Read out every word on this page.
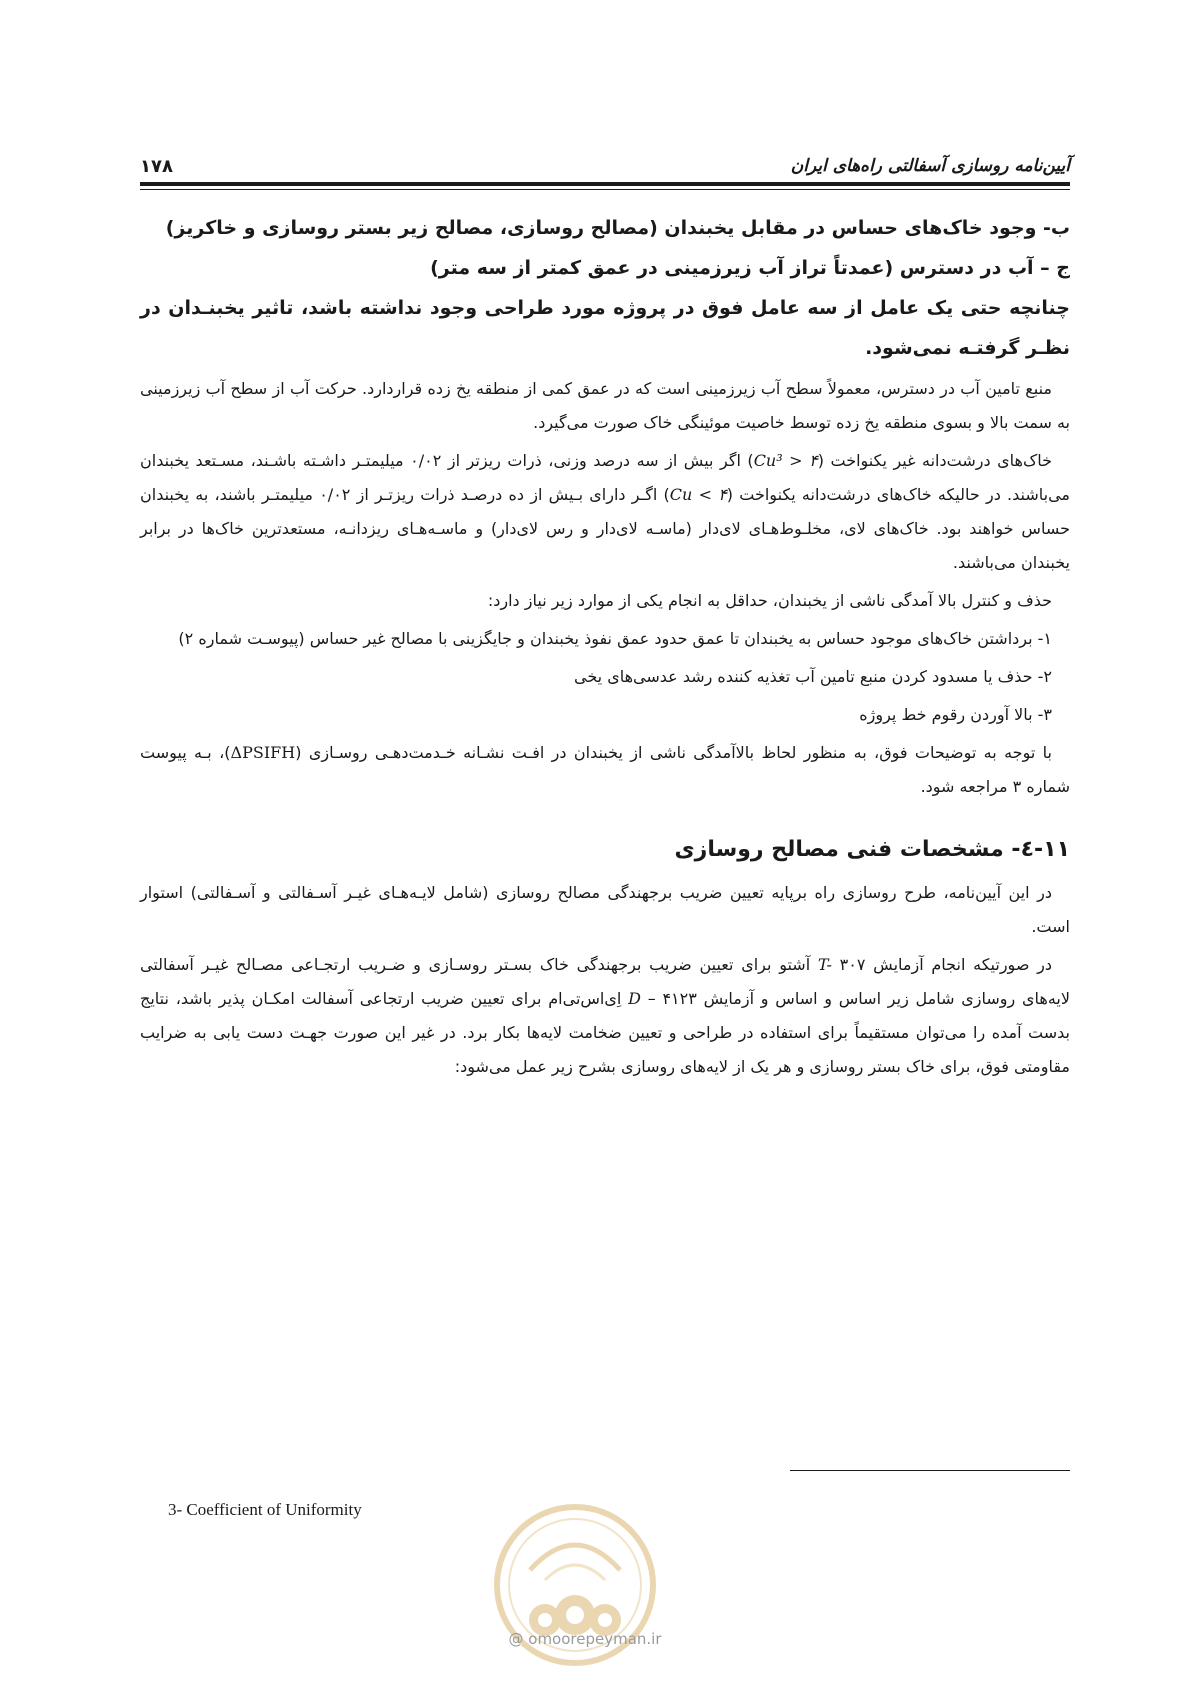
۱۷۸	آیین‌نامه روسازی آسفالتی راه‌های ایران

ب- وجود خاک‌های حساس در مقابل یخبندان (مصالح روسازی، مصالح زیر بستر روسازی و خاکریز)

ج – آب در دسترس (عمدتاً تراز آب زیرزمینی در عمق کمتر از سه متر)

چنانچه حتی یک عامل از سه عامل فوق در پروژه مورد طراحی وجود نداشته باشد، تاثیر یخبنـدان در نظـر گرفتـه نمی‌شود.

منبع تامین آب در دسترس، معمولاً سطح آب زیرزمینی است که در عمق کمی از منطقه یخ زده قراردارد. حرکت آب از سطح آب زیرزمینی به سمت بالا و بسوی منطقه یخ زده توسط خاصیت موئینگی خاک صورت می‌گیرد.

خاک‌های درشت‌دانه غیر یکنواخت (Cu³ > ۴) اگر بیش از سه درصد وزنی، ذرات ریزتر از ۰/۰۲ میلیمتـر داشـته باشـند، مسـتعد یخبندان می‌باشند. در حالیکه خاک‌های درشت‌دانه یکنواخت (Cu < ۴) اگـر دارای بـیش از ده درصـد ذرات ریزتـر از ۰/۰۲ میلیمتـر باشند، به یخبندان حساس خواهند بود. خاک‌های لای، مخلـوط‌هـای لای‌دار (ماسـه لای‌دار و رس لای‌دار) و ماسـه‌هـای ریزدانـه، مستعدترین خاک‌ها در برابر یخبندان می‌باشند.

حذف و کنترل بالا آمدگی ناشی از یخبندان، حداقل به انجام یکی از موارد زیر نیاز دارد:

۱- برداشتن خاک‌های موجود حساس به یخبندان تا عمق حدود عمق نفوذ یخبندان و جایگزینی با مصالح غیر حساس (پیوسـت شماره ۲)

۲- حذف یا مسدود کردن منبع تامین آب تغذیه کننده رشد عدسی‌های یخی

۳- بالا آوردن رقوم خط پروژه

با توجه به توضیحات فوق، به منظور لحاظ بالاآمدگی ناشی از یخبندان در افـت نشـانه خـدمت‌دهـی روسـازی (ΔPSIFH)، بـه پیوست شماره ۳ مراجعه شود.

۱۱-٤- مشخصات فنی مصالح روسازی

در این آیین‌نامه، طرح روسازی راه برپایه تعیین ضریب برجهندگی مصالح روسازی (شامل لایـه‌هـای غیـر آسـفالتی و آسـفالتی) استوار است.

در صورتیکه انجام آزمایش ۳۰۷ T- آشتو برای تعیین ضریب برجهندگی خاک بسـتر روسـازی و ضـریب ارتجـاعی مصـالح غیـر آسفالتی لایه‌های روسازی شامل زیر اساس و اساس و آزمایش ۴۱۲۳ – D اِی‌اس‌تی‌ام برای تعیین ضریب ارتجاعی آسفالت امکـان پذیر باشد، نتایج بدست آمده را می‌توان مستقیماً برای استفاده در طراحی و تعیین ضخامت لایه‌ها بکار برد. در غیر این صورت جهـت دست یابی به ضرایب مقاومتی فوق، برای خاک بستر روسازی و هر یک از لایه‌های روسازی بشرح زیر عمل می‌شود:

@ omoorepeyman.ir
3- Coefficient of Uniformity
